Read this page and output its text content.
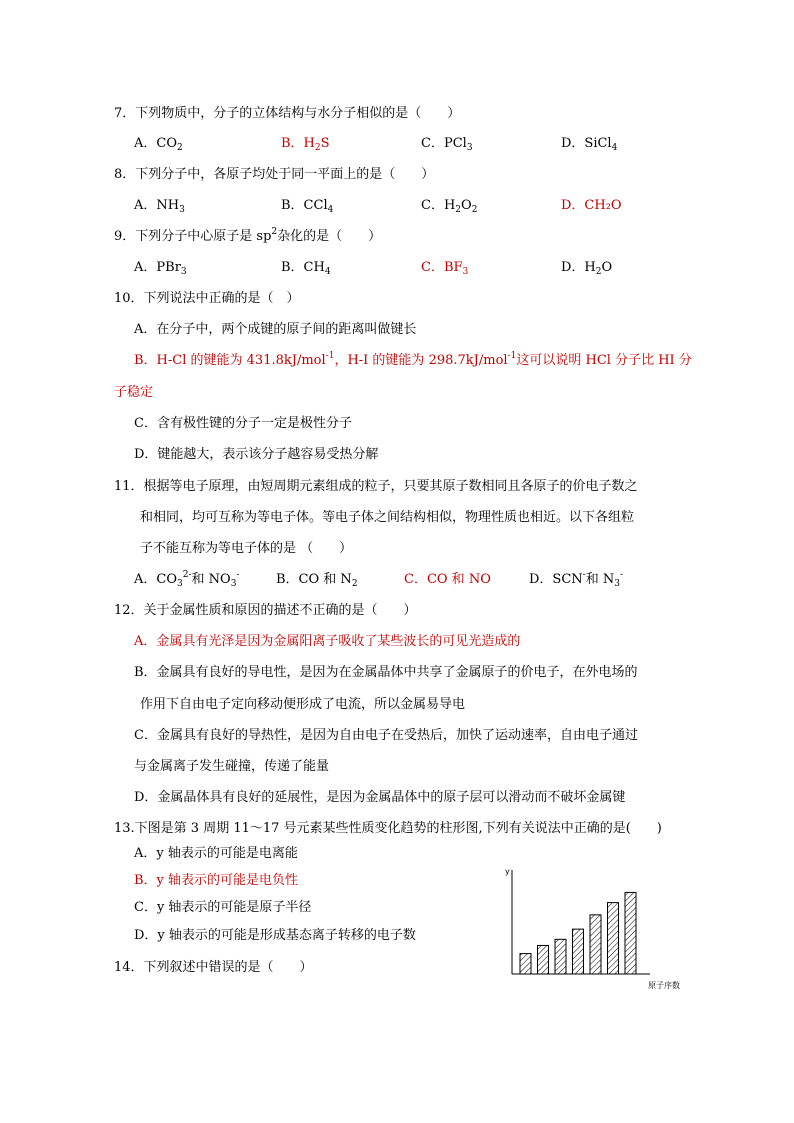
7．下列物质中，分子的立体结构与水分子相似的是（　　）
A．$CO_2$	B．$H_2S$	C．PCl$_3$	D．SiCl$_4$
8．下列分子中，各原子均处于同一平面上的是（　　）
A．$NH_3$	B．CCl$_4$	C．$H_2O_2$	D．CH₂O
9．下列分子中心原子是 $sp^2$杂化的是（　　）
A．PBr$_3$	B．$CH_4$	C．$BF_3$	D．$H_2O$
10．下列说法中正确的是（　）
A．在分子中，两个成键的原子间的距离叫做键长
B．H-Cl 的键能为 431.8kJ/mol$^{-1}$，H-I 的键能为 298.7kJ/mol$^{-1}$这可以说明 HCl 分子比 HI 分
子稳定
C．含有极性键的分子一定是极性分子
D．键能越大，表示该分子越容易受热分解
11．根据等电子原理，由短周期元素组成的粒子，只要其原子数相同且各原子的价电子数之
和相同，均可互称为等电子体。等电子体之间结构相似，物理性质也相近。以下各组粒
子不能互称为等电子体的是 （　　）
A．$CO_3^{2-}$和 $NO_3^-$	B．CO 和 $N_2$	C．CO 和 NO	D．SCN-和 $N_3^-$
12．关于金属性质和原因的描述不正确的是（　　）
A．金属具有光泽是因为金属阳离子吸收了某些波长的可见光造成的
B．金属具有良好的导电性，是因为在金属晶体中共享了金属原子的价电子，在外电场的
作用下自由电子定向移动便形成了电流，所以金属易导电
C．金属具有良好的导热性，是因为自由电子在受热后，加快了运动速率，自由电子通过
与金属离子发生碰撞，传递了能量
D．金属晶体具有良好的延展性，是因为金属晶体中的原子层可以滑动而不破坏金属键
13.下图是第 3 周期 11～17 号元素某些性质变化趋势的柱形图,下列有关说法中正确的是(　　)
A．y 轴表示的可能是电离能
B．y 轴表示的可能是电负性
C．y 轴表示的可能是原子半径
D．y 轴表示的可能是形成基态离子转移的电子数
14．下列叙述中错误的是（　　）
y
原子序数
